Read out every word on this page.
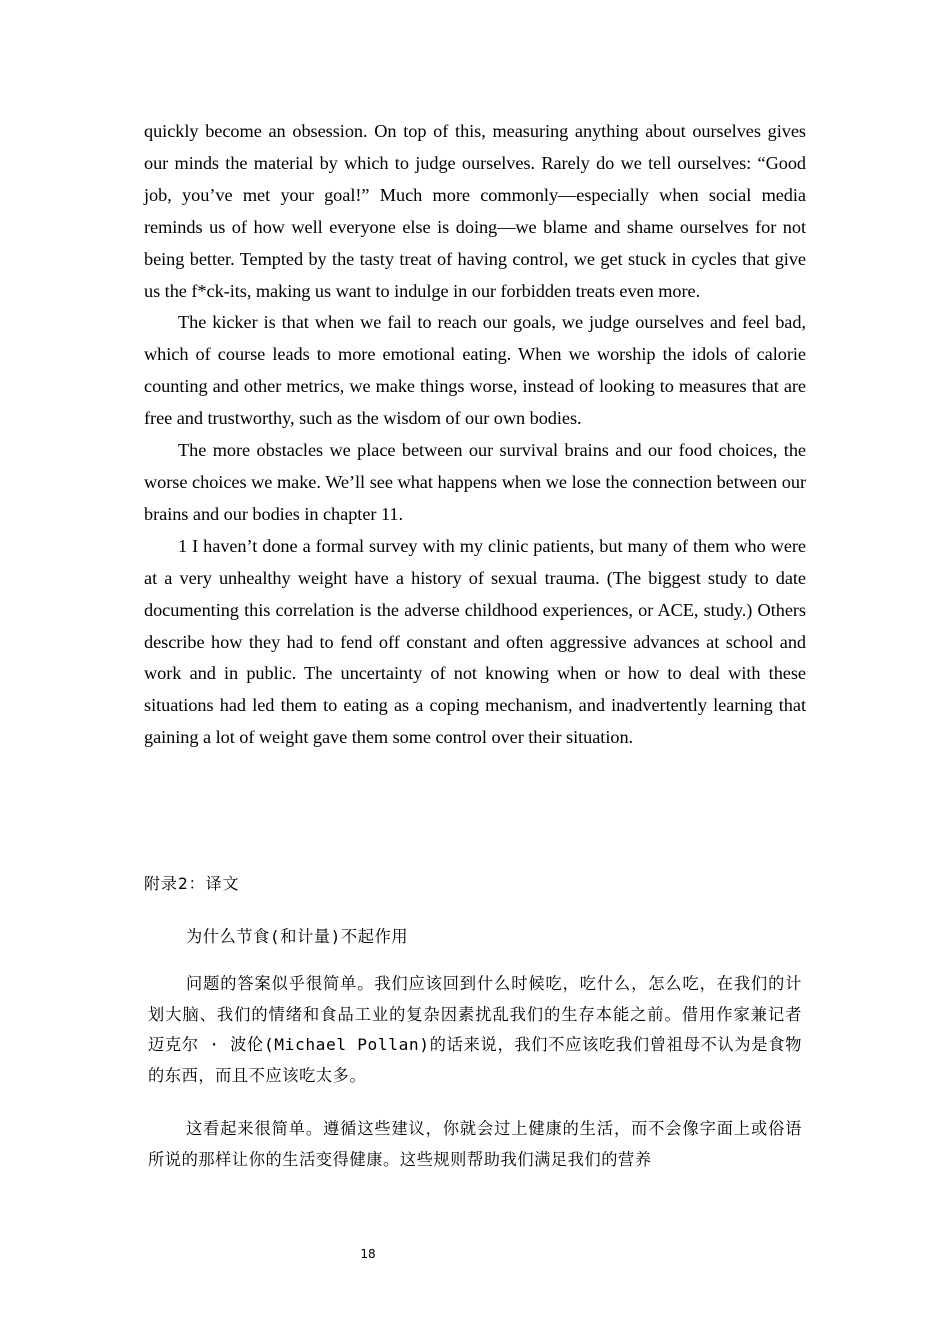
quickly become an obsession. On top of this, measuring anything about ourselves gives our minds the material by which to judge ourselves. Rarely do we tell ourselves: “Good job, you’ve met your goal!” Much more commonly—especially when social media reminds us of how well everyone else is doing—we blame and shame ourselves for not being better. Tempted by the tasty treat of having control, we get stuck in cycles that give us the f*ck-its, making us want to indulge in our forbidden treats even more.

The kicker is that when we fail to reach our goals, we judge ourselves and feel bad, which of course leads to more emotional eating. When we worship the idols of calorie counting and other metrics, we make things worse, instead of looking to measures that are free and trustworthy, such as the wisdom of our own bodies.

The more obstacles we place between our survival brains and our food choices, the worse choices we make. We’ll see what happens when we lose the connection between our brains and our bodies in chapter 11.

1 I haven’t done a formal survey with my clinic patients, but many of them who were at a very unhealthy weight have a history of sexual trauma. (The biggest study to date documenting this correlation is the adverse childhood experiences, or ACE, study.) Others describe how they had to fend off constant and often aggressive advances at school and work and in public. The uncertainty of not knowing when or how to deal with these situations had led them to eating as a coping mechanism, and inadvertently learning that gaining a lot of weight gave them some control over their situation.

附录2：译文
为什么节食(和计量)不起作用
问题的答案似乎很简单。我们应该回到什么时候吃，吃什么，怎么吃，在我们的计划大脑、我们的情绪和食品工业的复杂因素扰乱我们的生存本能之前。借用作家兼记者迈克尔 · 波伦(Michael Pollan)的话来说，我们不应该吃我们曾祖母不认为是食物的东西，而且不应该吃太多。
这看起来很简单。遵循这些建议，你就会过上健康的生活，而不会像字面上或俗语所说的那样让你的生活变得健康。这些规则帮助我们满足我们的营养
18
